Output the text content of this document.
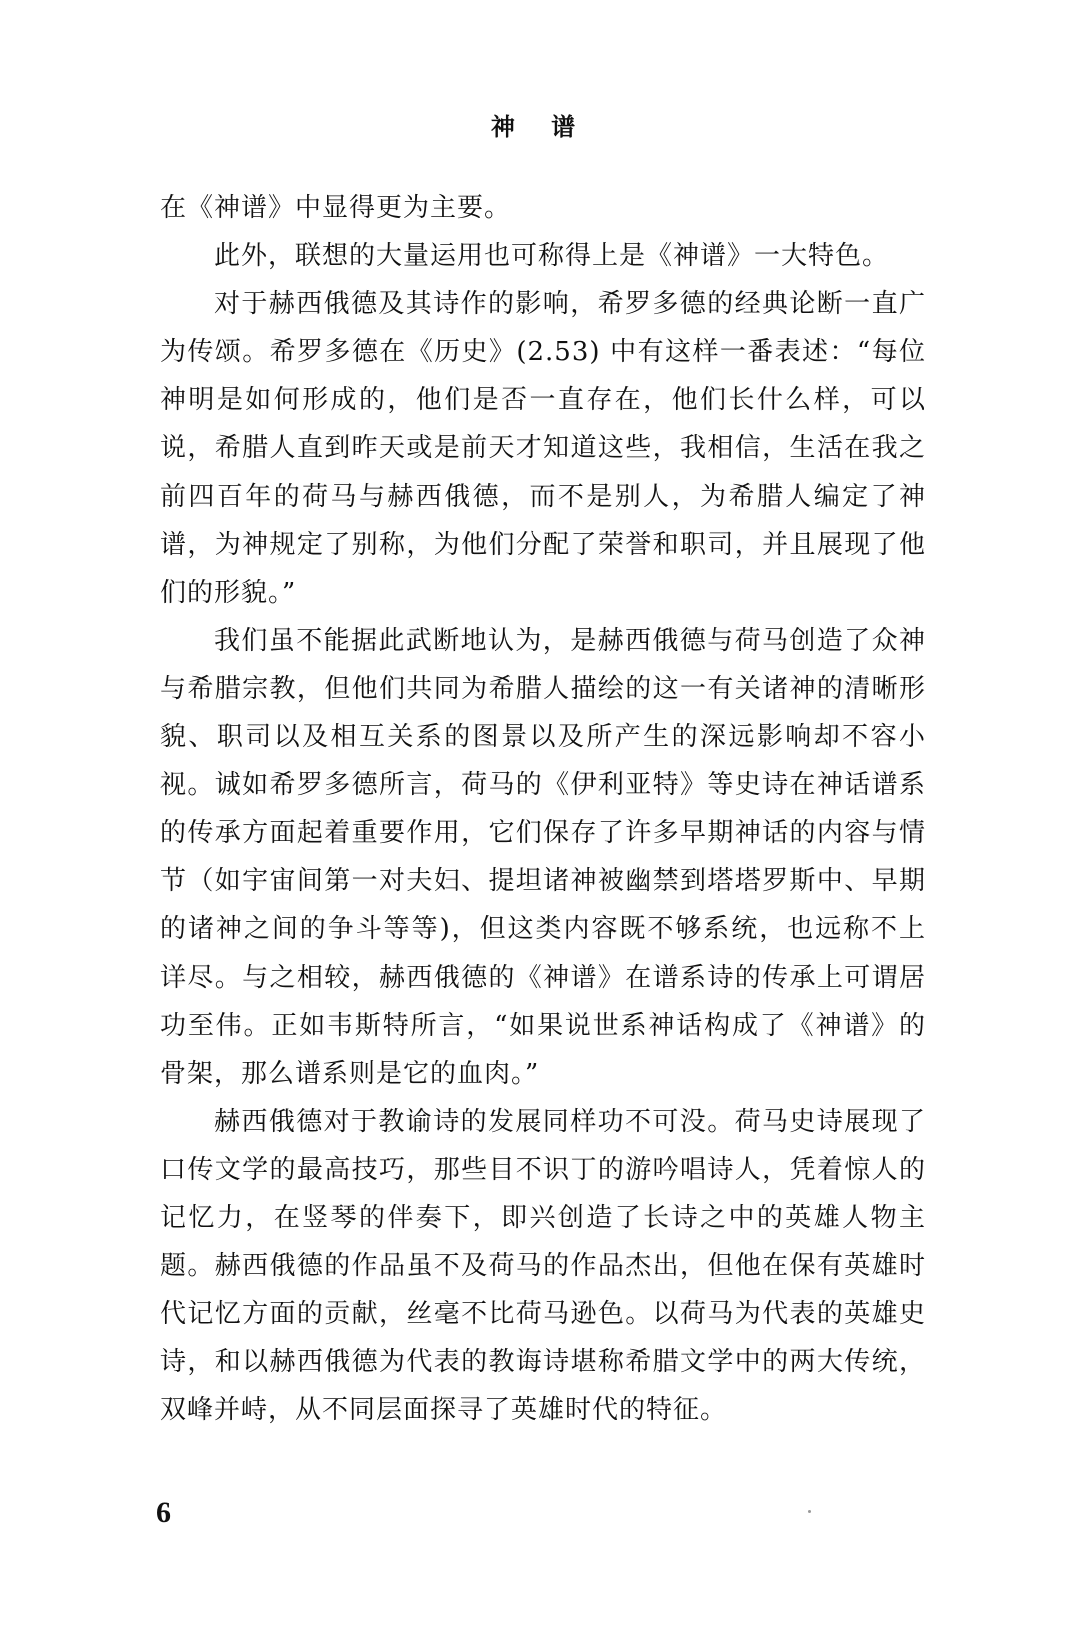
神 谱

在《神谱》中显得更为主要。

此外，联想的大量运用也可称得上是《神谱》一大特色。

对于赫西俄德及其诗作的影响，希罗多德的经典论断一直广为传颂。希罗多德在《历史》(2.53) 中有这样一番表述：“每位神明是如何形成的，他们是否一直存在，他们长什么样，可以说，希腊人直到昨天或是前天才知道这些，我相信，生活在我之前四百年的荷马与赫西俄德，而不是别人，为希腊人编定了神谱，为神规定了别称，为他们分配了荣誉和职司，并且展现了他们的形貌。”

我们虽不能据此武断地认为，是赫西俄德与荷马创造了众神与希腊宗教，但他们共同为希腊人描绘的这一有关诸神的清晰形貌、职司以及相互关系的图景以及所产生的深远影响却不容小视。诚如希罗多德所言，荷马的《伊利亚特》等史诗在神话谱系的传承方面起着重要作用，它们保存了许多早期神话的内容与情节（如宇宙间第一对夫妇、提坦诸神被幽禁到塔塔罗斯中、早期的诸神之间的争斗等等)，但这类内容既不够系统，也远称不上详尽。与之相较，赫西俄德的《神谱》在谱系诗的传承上可谓居功至伟。正如韦斯特所言，“如果说世系神话构成了《神谱》的骨架，那么谱系则是它的血肉。”

赫西俄德对于教谕诗的发展同样功不可没。荷马史诗展现了口传文学的最高技巧，那些目不识丁的游吟唱诗人，凭着惊人的记忆力，在竖琴的伴奏下，即兴创造了长诗之中的英雄人物主题。赫西俄德的作品虽不及荷马的作品杰出，但他在保有英雄时代记忆方面的贡献，丝毫不比荷马逊色。以荷马为代表的英雄史诗，和以赫西俄德为代表的教诲诗堪称希腊文学中的两大传统，双峰并峙，从不同层面探寻了英雄时代的特征。

6
